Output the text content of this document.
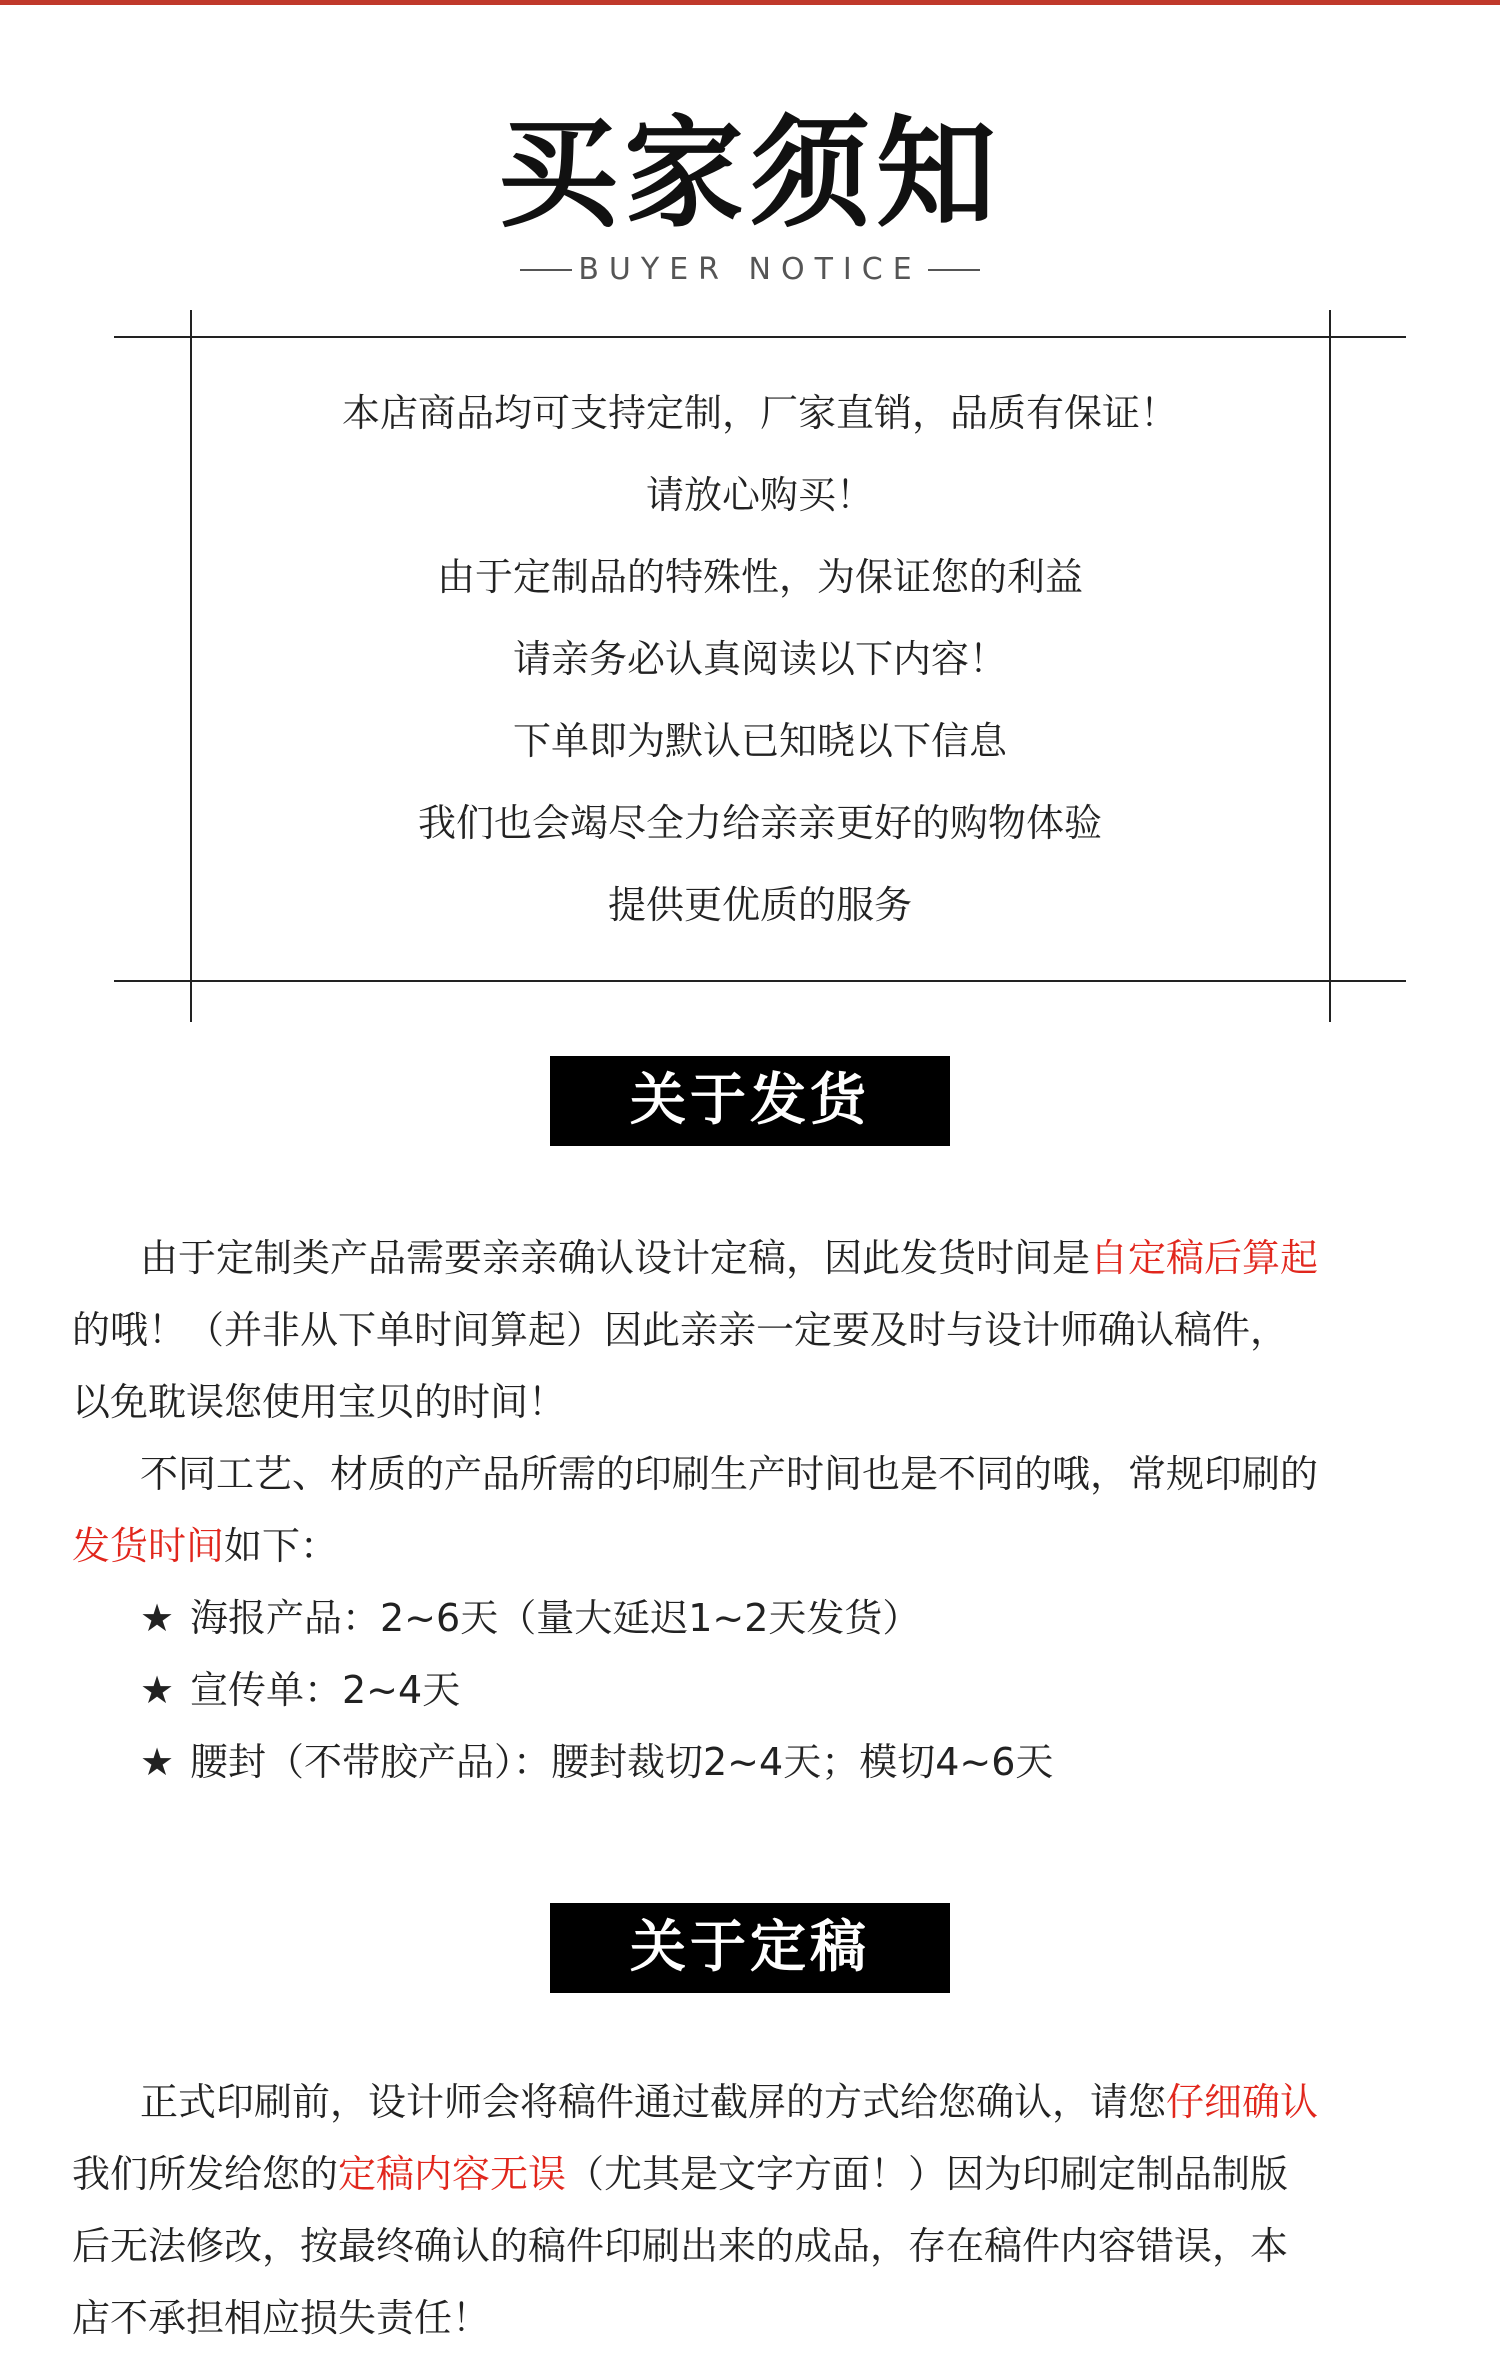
买家须知
BUYER NOTICE
本店商品均可支持定制，厂家直销，品质有保证！
请放心购买！
由于定制品的特殊性，为保证您的利益
请亲务必认真阅读以下内容！
下单即为默认已知晓以下信息
我们也会竭尽全力给亲亲更好的购物体验
提供更优质的服务
关于发货
由于定制类产品需要亲亲确认设计定稿，因此发货时间是自定稿后算起
的哦！（并非从下单时间算起）因此亲亲一定要及时与设计师确认稿件，
以免耽误您使用宝贝的时间！
不同工艺、材质的产品所需的印刷生产时间也是不同的哦，常规印刷的
发货时间如下：
★ 海报产品：2~6天（量大延迟1~2天发货）
★ 宣传单：2~4天
★ 腰封（不带胶产品）：腰封裁切2~4天；模切4~6天
关于定稿
正式印刷前，设计师会将稿件通过截屏的方式给您确认，请您仔细确认
我们所发给您的定稿内容无误（尤其是文字方面！）因为印刷定制品制版
后无法修改，按最终确认的稿件印刷出来的成品，存在稿件内容错误，本
店不承担相应损失责任！
